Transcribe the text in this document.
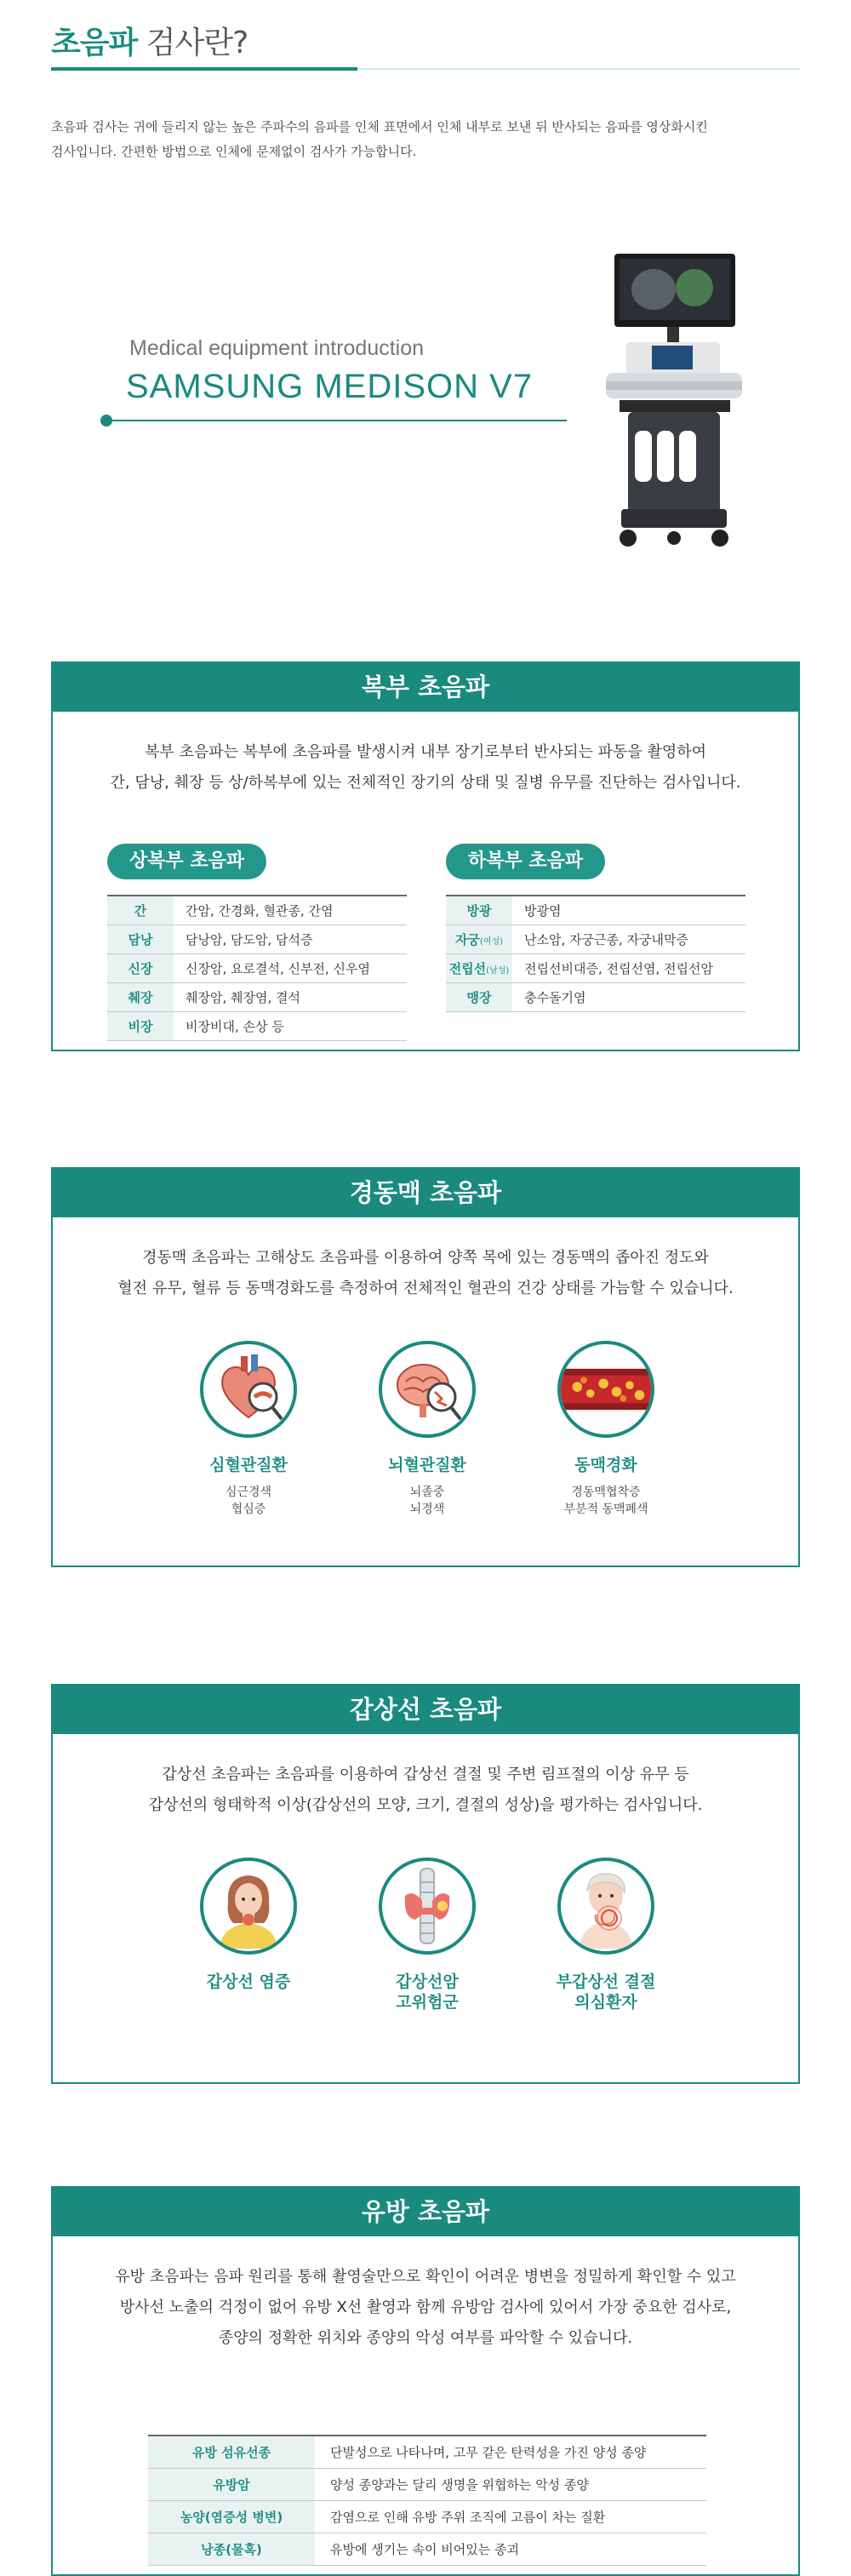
초음파 검사란?
초음파 검사는 귀에 들리지 않는 높은 주파수의 음파를 인체 표면에서 인체 내부로 보낸 뒤 반사되는 음파를 영상화시킨
검사입니다. 간편한 방법으로 인체에 문제없이 검사가 가능합니다.
Medical equipment introduction
SAMSUNG MEDISON V7
복부 초음파
복부 초음파는 복부에 초음파를 발생시켜 내부 장기로부터 반사되는 파동을 촬영하여
간, 담낭, 췌장 등 상/하복부에 있는 전체적인 장기의 상태 및 질병 유무를 진단하는 검사입니다.
상복부 초음파
간	간암, 간경화, 혈관종, 간염
담낭	담낭암, 담도암, 담석증
신장	신장암, 요로결석, 신부전, 신우염
췌장	췌장암, 췌장염, 결석
비장	비장비대, 손상 등
하복부 초음파
방광	방광염
자궁(여성)	난소암, 자궁근종, 자궁내막증
전립선(남성)	전립선비대증, 전립선염, 전립선암
맹장	충수돌기염
경동맥 초음파
경동맥 초음파는 고해상도 초음파를 이용하여 양쪽 목에 있는 경동맥의 좁아진 정도와
혈전 유무, 혈류 등 동맥경화도를 측정하여 전체적인 혈관의 건강 상태를 가늠할 수 있습니다.
심혈관질환
심근경색
협심증
뇌혈관질환
뇌졸중
뇌경색
동맥경화
경동맥협착증
부분적 동맥폐색
갑상선 초음파
갑상선 초음파는 초음파를 이용하여 갑상선 결절 및 주변 림프절의 이상 유무 등
갑상선의 형태학적 이상(갑상선의 모양, 크기, 결절의 성상)을 평가하는 검사입니다.
갑상선 염증	갑상선암
고위험군
부갑상선 결절
의심환자
유방 초음파
유방 초음파는 음파 원리를 통해 촬영술만으로 확인이 어려운 병변을 정밀하게 확인할 수 있고
방사선 노출의 걱정이 없어 유방 X선 촬영과 함께 유방암 검사에 있어서 가장 중요한 검사로,
종양의 정확한 위치와 종양의 악성 여부를 파악할 수 있습니다.
유방 섬유선종	단발성으로 나타나며, 고무 같은 탄력성을 가진 양성 종양
유방암	양성 종양과는 달리 생명을 위협하는 악성 종양
농양(염증성 병변)	감염으로 인해 유방 주위 조직에 고름이 차는 질환
낭종(물혹)	유방에 생기는 속이 비어있는 종괴
